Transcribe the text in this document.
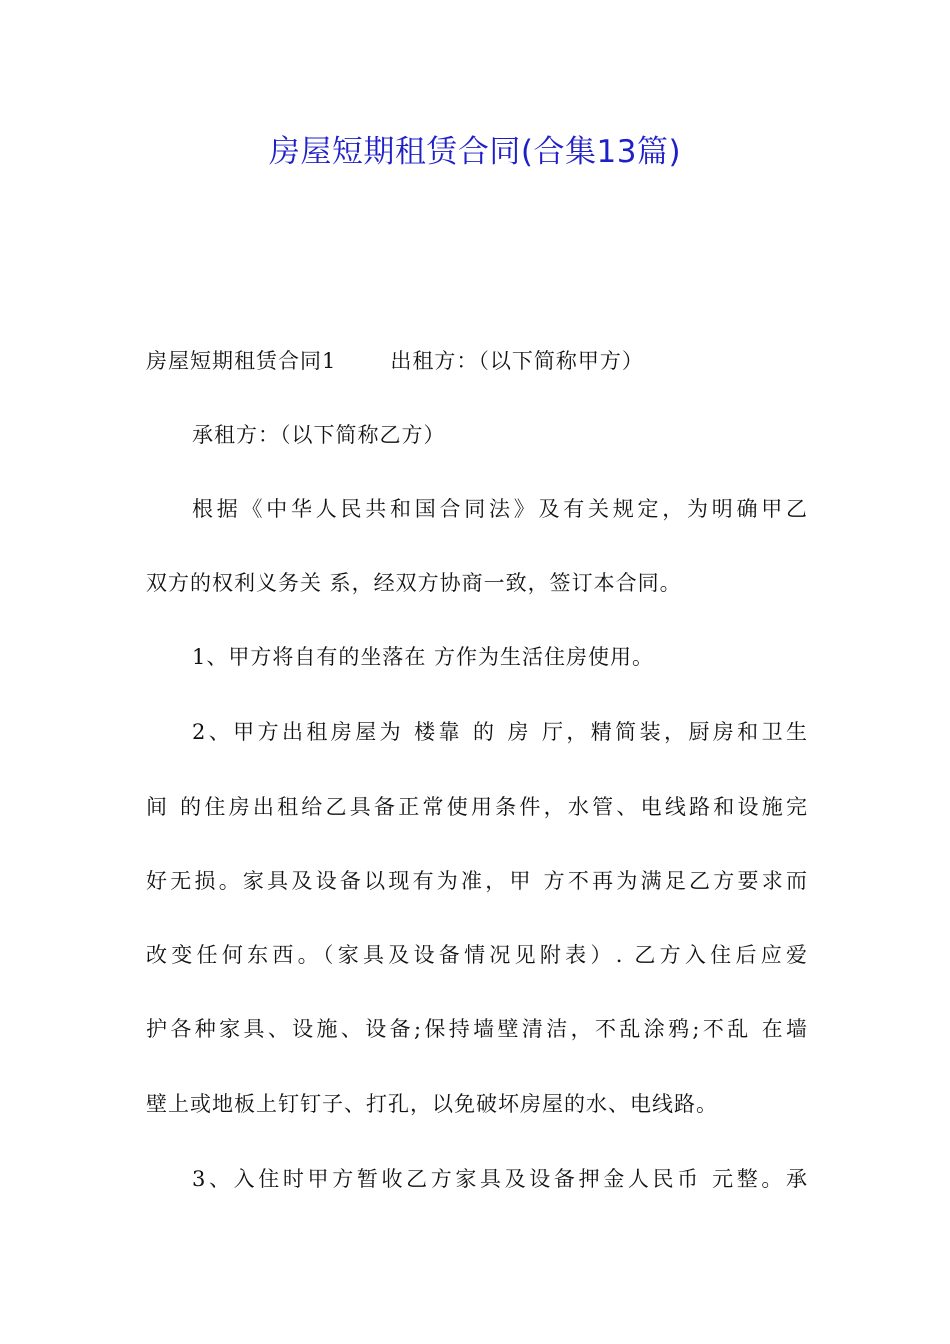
房屋短期租赁合同(合集13篇)
房屋短期租赁合同1	出租方：（以下简称甲方）
承租方：（以下简称乙方）
根据《中华人民共和国合同法》及有关规定，为明确甲乙
双方的权利义务关 系，经双方协商一致，签订本合同。
1、甲方将自有的坐落在 方作为生活住房使用。
2、甲方出租房屋为 楼靠 的 房 厅，精简装，厨房和卫生
间 的住房出租给乙具备正常使用条件，水管、电线路和设施完
好无损。家具及设备以现有为准，甲 方不再为满足乙方要求而
改变任何东西。（家具及设备情况见附表）. 乙方入住后应爱
护各种家具、设施、设备;保持墙壁清洁，不乱涂鸦;不乱 在墙
壁上或地板上钉钉子、打孔，以免破坏房屋的水、电线路。
3、入住时甲方暂收乙方家具及设备押金人民币 元整。承
